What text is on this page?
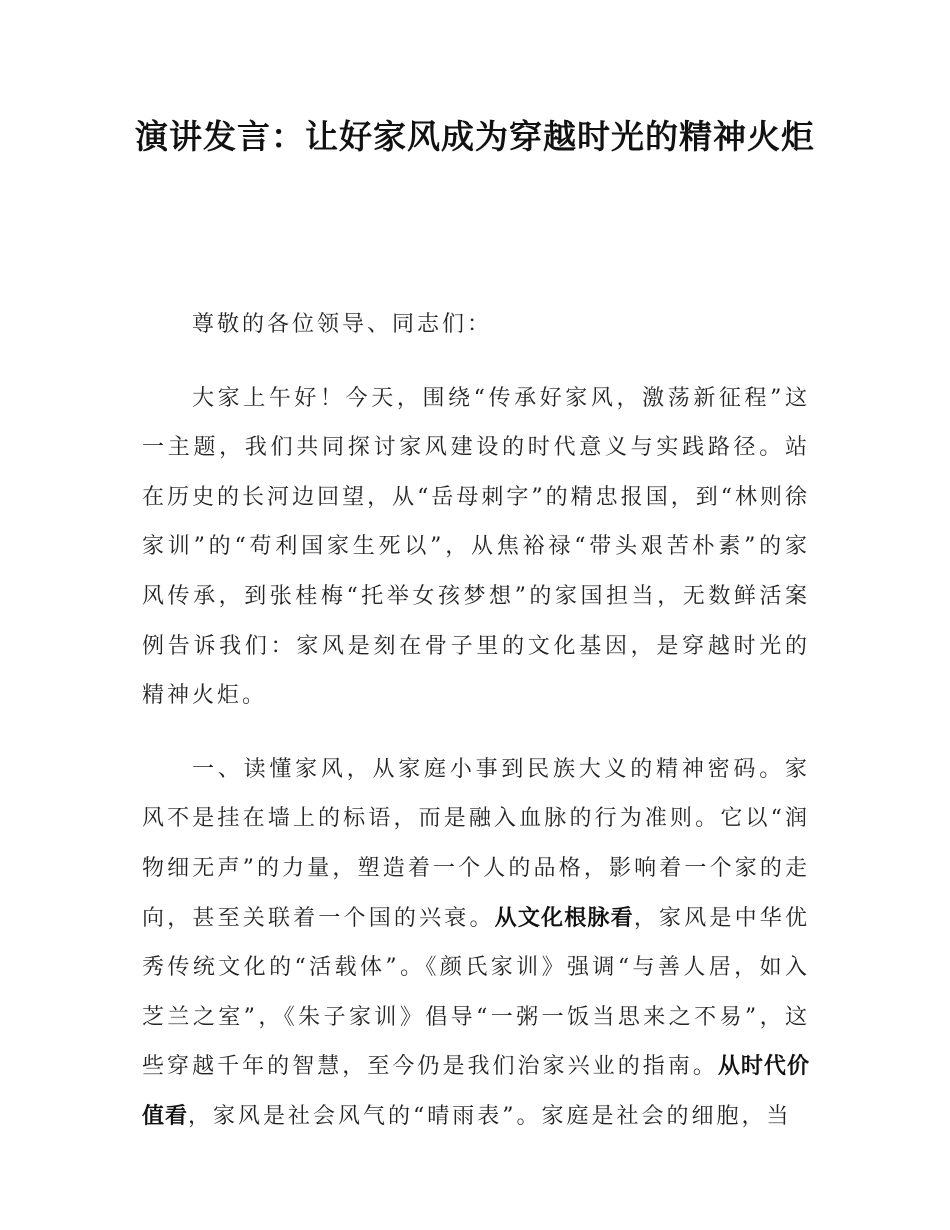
演讲发言：让好家风成为穿越时光的精神火炬

尊敬的各位领导、同志们：

大家上午好！今天，围绕“传承好家风，激荡新征程”这一主题，我们共同探讨家风建设的时代意义与实践路径。站在历史的长河边回望，从“岳母刺字”的精忠报国，到“林则徐家训”的“苟利国家生死以”，从焦裕禄“带头艰苦朴素”的家风传承，到张桂梅“托举女孩梦想”的家国担当，无数鲜活案例告诉我们：家风是刻在骨子里的文化基因，是穿越时光的精神火炬。

一、读懂家风，从家庭小事到民族大义的精神密码。家风不是挂在墙上的标语，而是融入血脉的行为准则。它以“润物细无声”的力量，塑造着一个人的品格，影响着一个家的走向，甚至关联着一个国的兴衰。从文化根脉看，家风是中华优秀传统文化的“活载体”。《颜氏家训》强调“与善人居，如入芝兰之室”，《朱子家训》倡导“一粥一饭当思来之不易”，这些穿越千年的智慧，至今仍是我们治家兴业的指南。从时代价值看，家风是社会风气的“晴雨表”。家庭是社会的细胞，当
